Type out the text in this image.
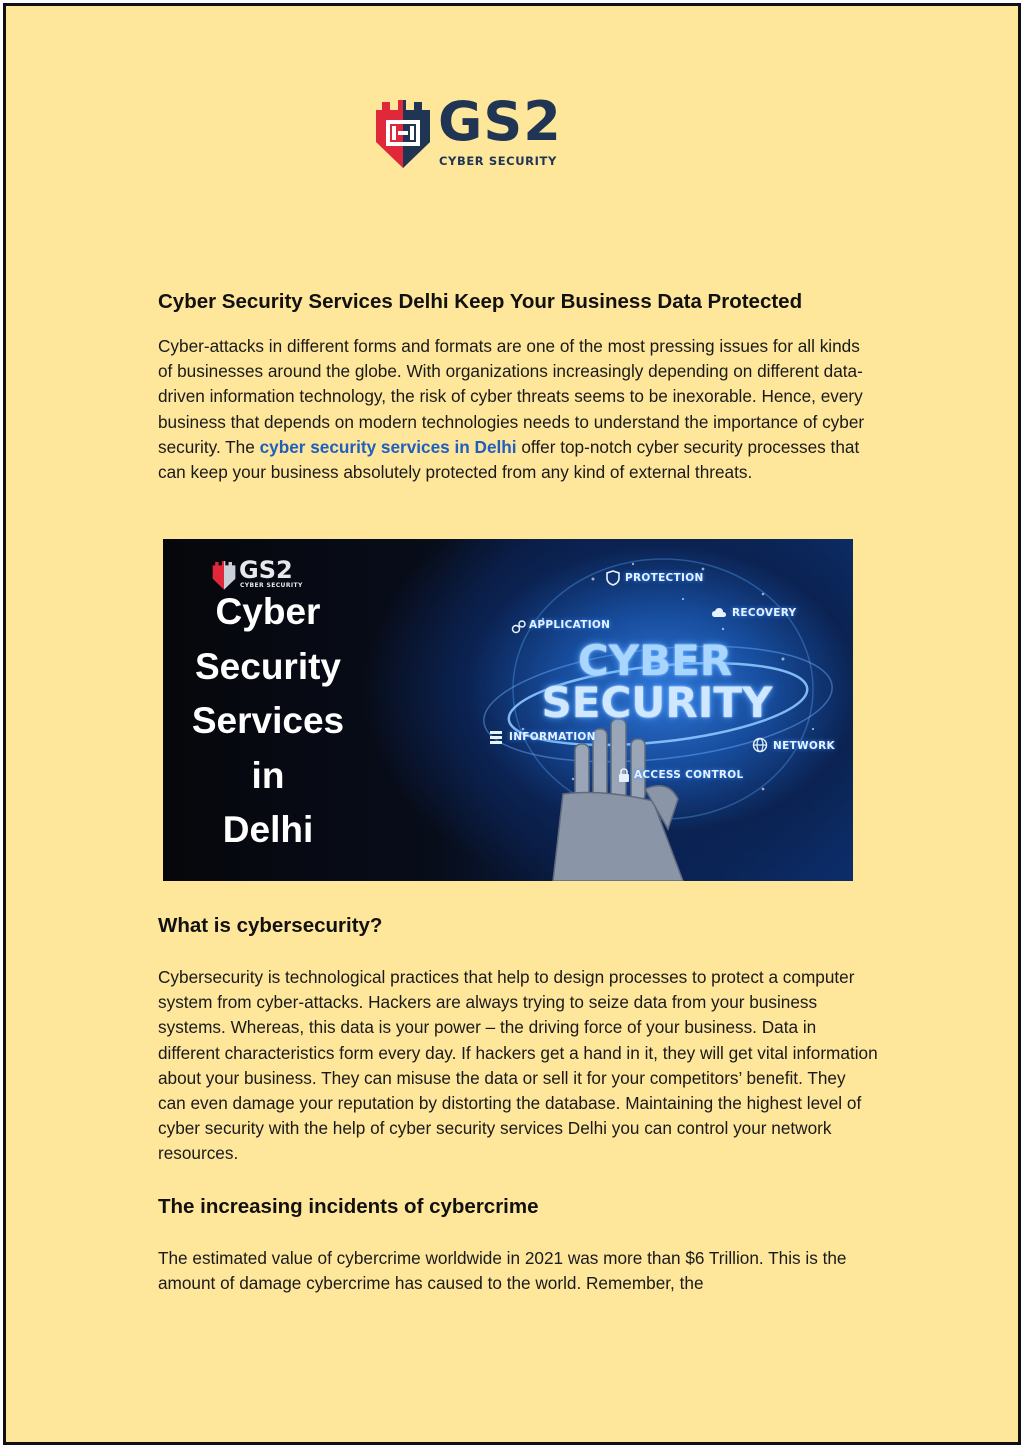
GS2
CYBER SECURITY
Cyber Security Services Delhi Keep Your Business Data Protected

Cyber-attacks in different forms and formats are one of the most pressing issues for all kinds of businesses around the globe. With organizations increasingly depending on different data-driven information technology, the risk of cyber threats seems to be inexorable. Hence, every business that depends on modern technologies needs to understand the importance of cyber security. The cyber security services in Delhi offer top-notch cyber security processes that can keep your business absolutely protected from any kind of external threats.

GS2
CYBER SECURITY
Cyber
Security
Services
in
Delhi
CYBER
SECURITY
PROTECTION
APPLICATION
RECOVERY
INFORMATION
NETWORK
ACCESS CONTROL
What is cybersecurity?

Cybersecurity is technological practices that help to design processes to protect a computer system from cyber-attacks. Hackers are always trying to seize data from your business systems. Whereas, this data is your power – the driving force of your business. Data in different characteristics form every day. If hackers get a hand in it, they will get vital information about your business. They can misuse the data or sell it for your competitors’ benefit. They can even damage your reputation by distorting the database. Maintaining the highest level of cyber security with the help of cyber security services Delhi you can control your network resources.

The increasing incidents of cybercrime

The estimated value of cybercrime worldwide in 2021 was more than $6 Trillion. This is the amount of damage cybercrime has caused to the world. Remember, the
